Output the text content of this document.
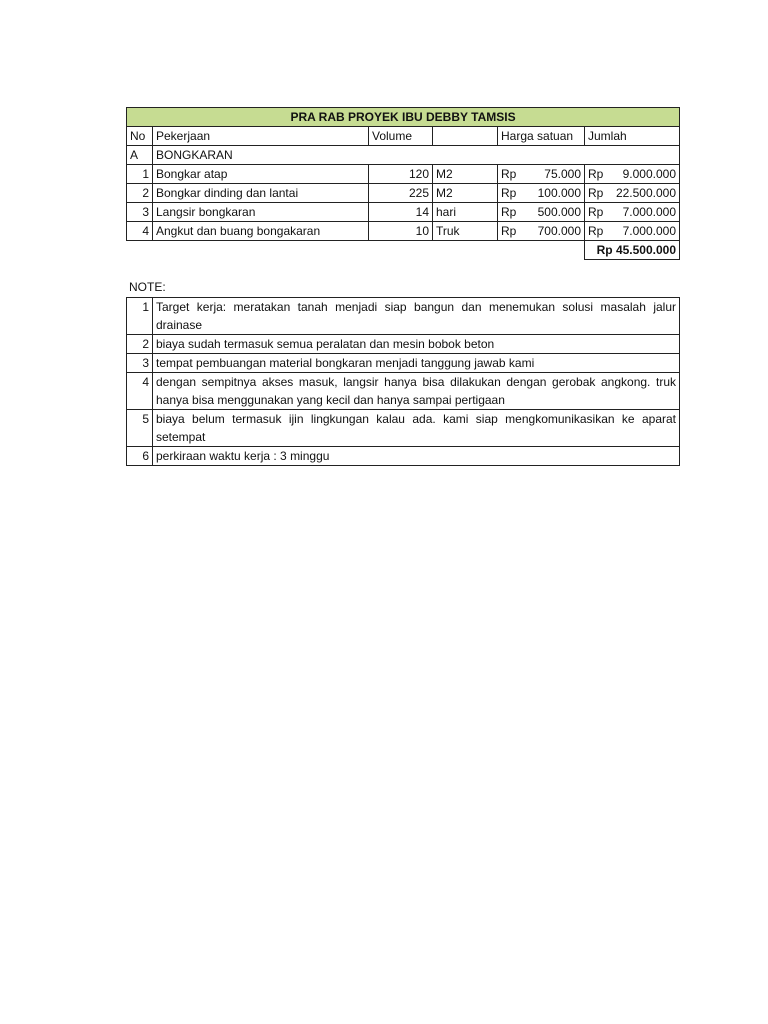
PRA RAB PROYEK IBU DEBBY TAMSIS					
No	Pekerjaan	Volume		Harga satuan	Jumlah
A	BONGKARAN				
1	Bongkar atap	120	M2	Rp 75.000	Rp 9.000.000

2	Bongkar dinding dan lantai	225	M2	Rp 100.000	Rp 22.500.000

3	Langsir bongkaran	14	hari	Rp 500.000	Rp 7.000.000

4	Angkut dan buang bongakaran	10	Truk	Rp 700.000	Rp 7.000.000

					Rp 45.500.000
NOTE:
1	Target kerja: meratakan tanah menjadi siap bangun dan menemukan solusi masalah jalur drainase
2	biaya sudah termasuk semua peralatan dan mesin bobok beton
3	tempat pembuangan material bongkaran menjadi tanggung jawab kami
4	dengan sempitnya akses masuk, langsir hanya bisa dilakukan dengan gerobak angkong. truk hanya bisa menggunakan yang kecil dan hanya sampai pertigaan
5	biaya belum termasuk ijin lingkungan kalau ada. kami siap mengkomunikasikan ke aparat setempat
6	perkiraan waktu kerja : 3 minggu
